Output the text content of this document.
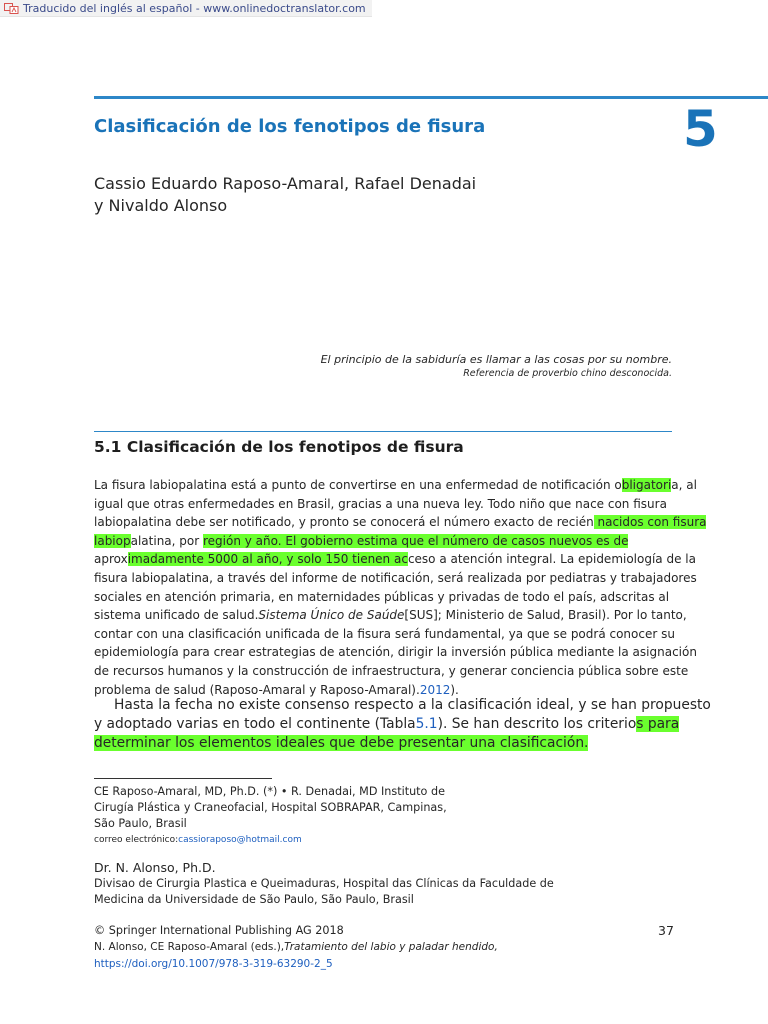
Traducido del inglés al español - www.onlinedoctranslator.com
Clasificación de los fenotipos de fisura	5
Cassio Eduardo Raposo-Amaral, Rafael Denadai
y Nivaldo Alonso
El principio de la sabiduría es llamar a las cosas por su nombre.
Referencia de proverbio chino desconocida.
5.1 Clasificación de los fenotipos de fisura
La fisura labiopalatina está a punto de convertirse en una enfermedad de notificación obligatoria, al
igual que otras enfermedades en Brasil, gracias a una nueva ley. Todo niño que nace con fisura
labiopalatina debe ser notificado, y pronto se conocerá el número exacto de recién nacidos con fisura
labiopalatina, por región y año. El gobierno estima que el número de casos nuevos es de
aproximadamente 5000 al año, y solo 150 tienen acceso a atención integral. La epidemiología de la
fisura labiopalatina, a través del informe de notificación, será realizada por pediatras y trabajadores
sociales en atención primaria, en maternidades públicas y privadas de todo el país, adscritas al
sistema unificado de salud.Sistema Único de Saúde[SUS]; Ministerio de Salud, Brasil). Por lo tanto,
contar con una clasificación unificada de la fisura será fundamental, ya que se podrá conocer su
epidemiología para crear estrategias de atención, dirigir la inversión pública mediante la asignación
de recursos humanos y la construcción de infraestructura, y generar conciencia pública sobre este
problema de salud (Raposo-Amaral y Raposo-Amaral).2012).
Hasta la fecha no existe consenso respecto a la clasificación ideal, y se han propuesto
y adoptado varias en todo el continente (Tabla5.1). Se han descrito los criterios para
determinar los elementos ideales que debe presentar una clasificación.
CE Raposo-Amaral, MD, Ph.D. (*) • R. Denadai, MD Instituto de
Cirugía Plástica y Craneofacial, Hospital SOBRAPAR, Campinas,
São Paulo, Brasil
correo electrónico:cassioraposo@hotmail.com
Dr. N. Alonso, Ph.D.
Divisao de Cirurgia Plastica e Queimaduras, Hospital das Clínicas da Faculdade de
Medicina da Universidade de São Paulo, São Paulo, Brasil
© Springer International Publishing AG 2018
N. Alonso, CE Raposo-Amaral (eds.),Tratamiento del labio y paladar hendido,
https://doi.org/10.1007/978-3-319-63290-2_5
37
